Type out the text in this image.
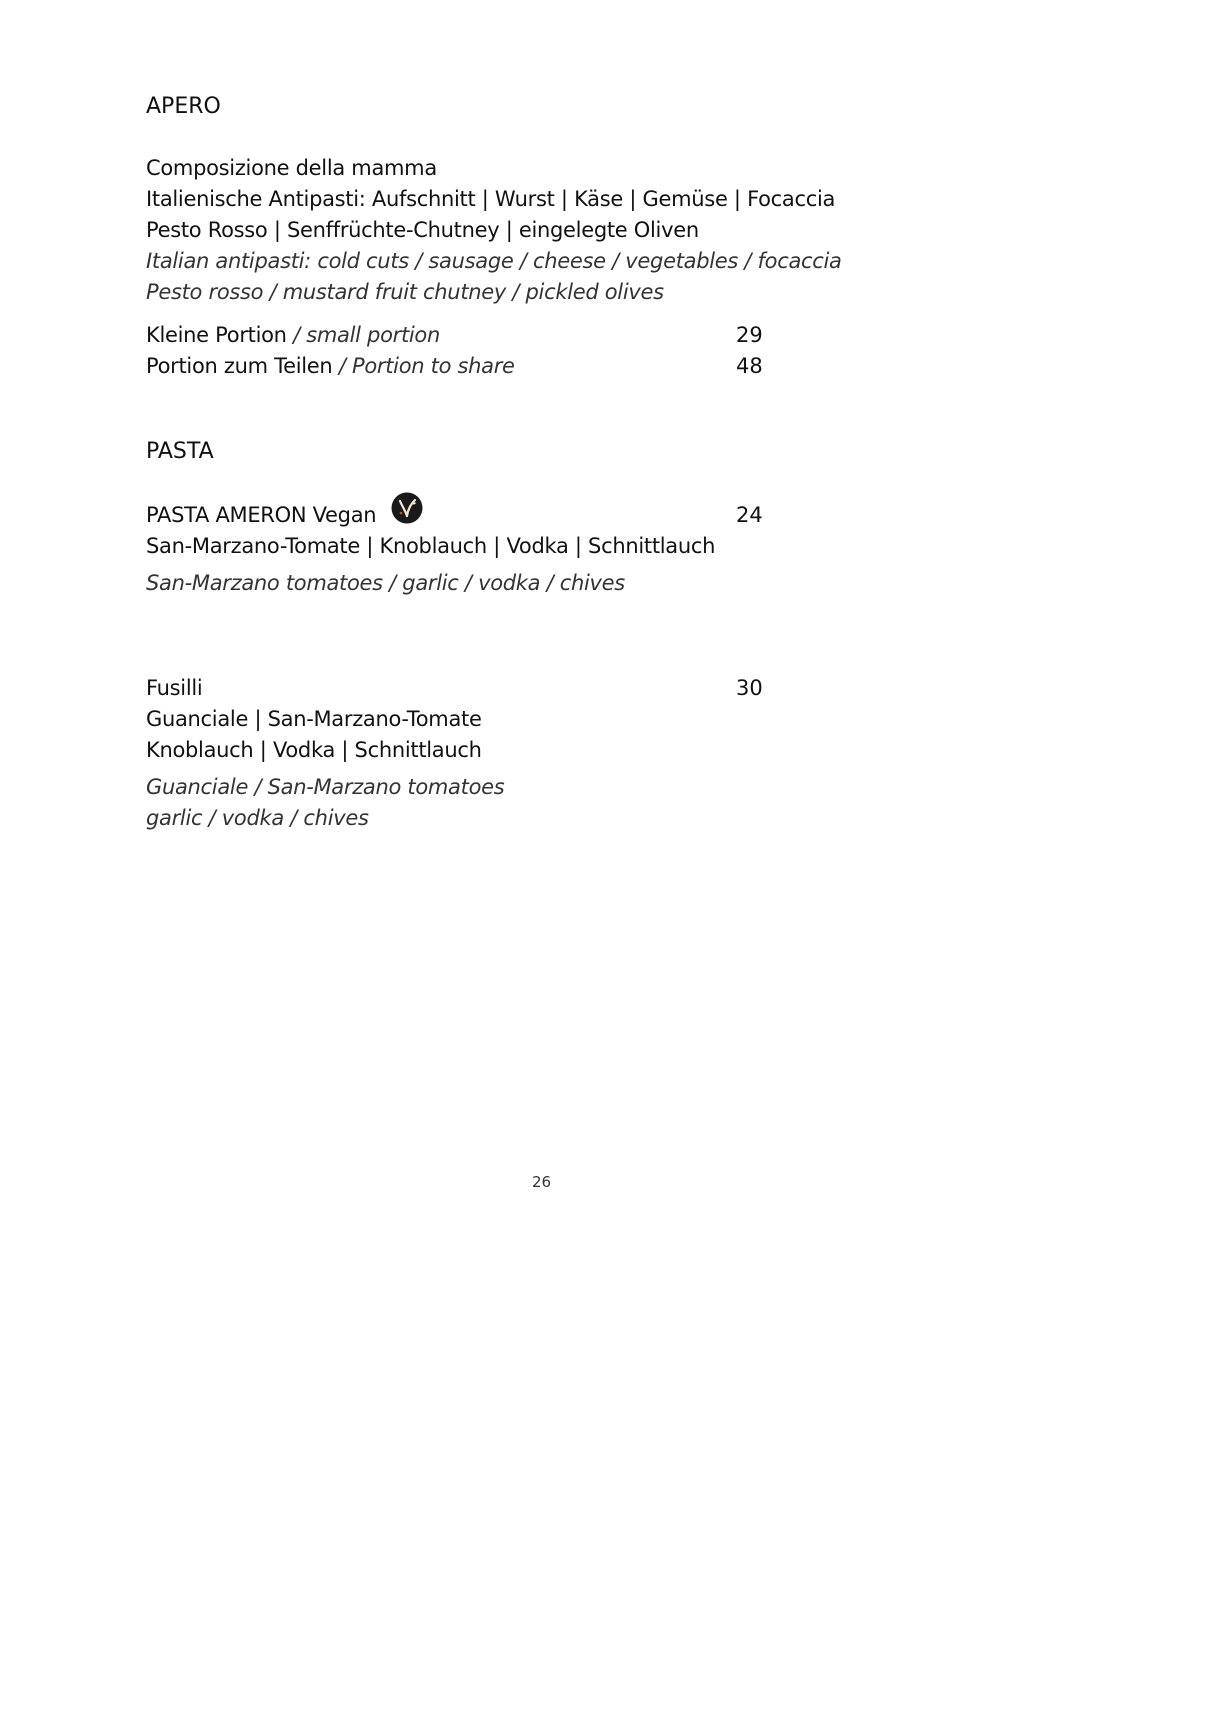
APERO
Composizione della mamma
Italienische Antipasti: Aufschnitt | Wurst | Käse | Gemüse | Focaccia
Pesto Rosso | Senffrüchte-Chutney | eingelegte Oliven
Italian antipasti: cold cuts / sausage / cheese / vegetables / focaccia
Pesto rosso / mustard fruit chutney / pickled olives
Kleine Portion / small portion	29
Portion zum Teilen / Portion to share	48
PASTA
PASTA AMERON Vegan	24
San-Marzano-Tomate | Knoblauch | Vodka | Schnittlauch
San-Marzano tomatoes / garlic / vodka / chives
Fusilli	30
Guanciale | San-Marzano-Tomate
Knoblauch | Vodka | Schnittlauch
Guanciale / San-Marzano tomatoes
garlic / vodka / chives
26
